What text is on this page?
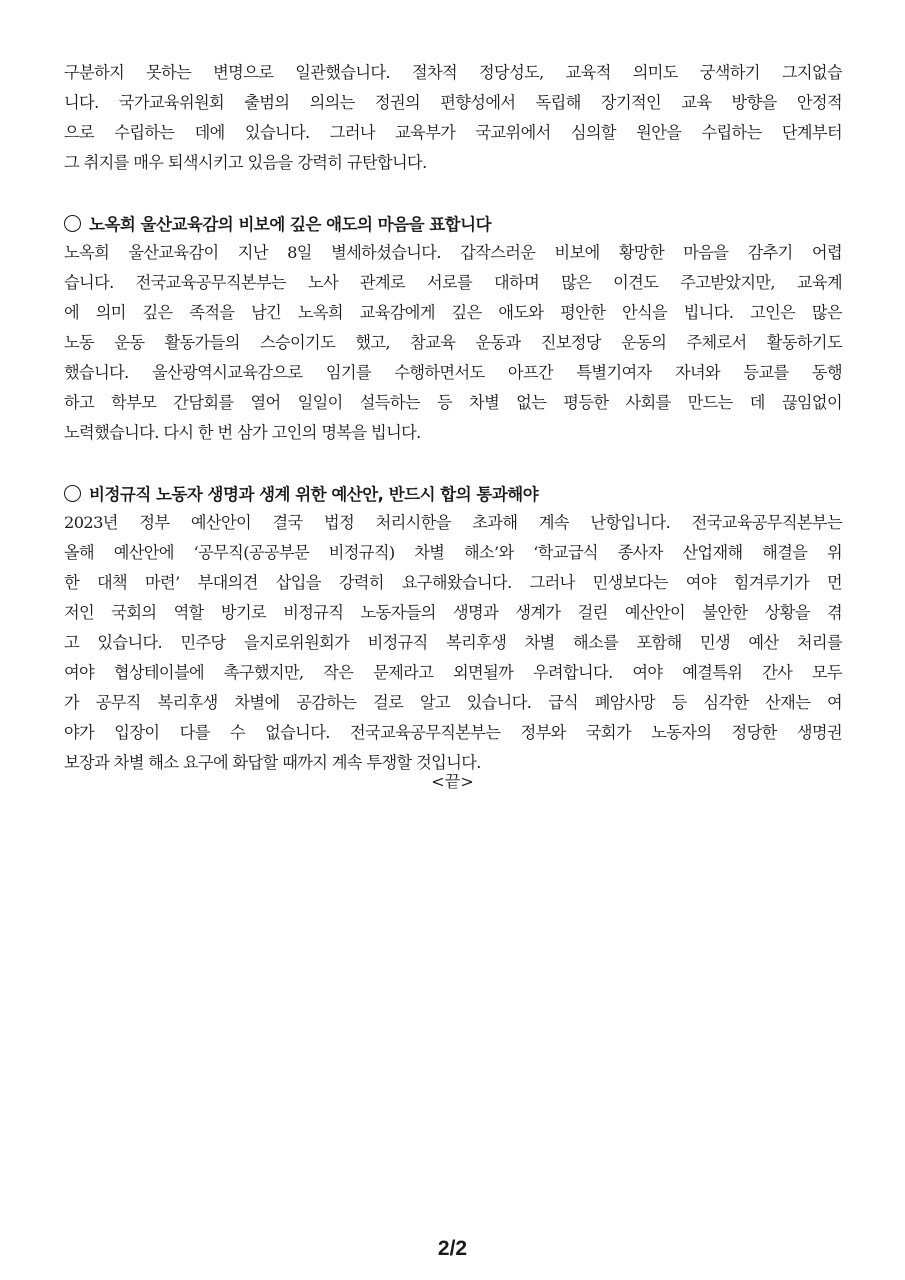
구분하지 못하는 변명으로 일관했습니다. 절차적 정당성도, 교육적 의미도 궁색하기 그지없습
니다. 국가교육위원회 출범의 의의는 정권의 편향성에서 독립해 장기적인 교육 방향을 안정적
으로 수립하는 데에 있습니다. 그러나 교육부가 국교위에서 심의할 원안을 수립하는 단계부터
그 취지를 매우 퇴색시키고 있음을 강력히 규탄합니다.
노옥희 울산교육감의 비보에 깊은 애도의 마음을 표합니다
노옥희 울산교육감이 지난 8일 별세하셨습니다. 갑작스러운 비보에 황망한 마음을 감추기 어렵
습니다. 전국교육공무직본부는 노사 관계로 서로를 대하며 많은 이견도 주고받았지만, 교육계
에 의미 깊은 족적을 남긴 노옥희 교육감에게 깊은 애도와 평안한 안식을 빕니다. 고인은 많은
노동 운동 활동가들의 스승이기도 했고, 참교육 운동과 진보정당 운동의 주체로서 활동하기도
했습니다. 울산광역시교육감으로 임기를 수행하면서도 아프간 특별기여자 자녀와 등교를 동행
하고 학부모 간담회를 열어 일일이 설득하는 등 차별 없는 평등한 사회를 만드는 데 끊임없이
노력했습니다. 다시 한 번 삼가 고인의 명복을 빕니다.
비정규직 노동자 생명과 생계 위한 예산안, 반드시 합의 통과해야
2023년 정부 예산안이 결국 법정 처리시한을 초과해 계속 난항입니다. 전국교육공무직본부는
올해 예산안에 ‘공무직(공공부문 비정규직) 차별 해소’와 ‘학교급식 종사자 산업재해 해결을 위
한 대책 마련’ 부대의견 삽입을 강력히 요구해왔습니다. 그러나 민생보다는 여야 힘겨루기가 먼
저인 국회의 역할 방기로 비정규직 노동자들의 생명과 생계가 걸린 예산안이 불안한 상황을 겪
고 있습니다. 민주당 을지로위원회가 비정규직 복리후생 차별 해소를 포함해 민생 예산 처리를
여야 협상테이블에 촉구했지만, 작은 문제라고 외면될까 우려합니다. 여야 예결특위 간사 모두
가 공무직 복리후생 차별에 공감하는 걸로 알고 있습니다. 급식 폐암사망 등 심각한 산재는 여
야가 입장이 다를 수 없습니다. 전국교육공무직본부는 정부와 국회가 노동자의 정당한 생명권
보장과 차별 해소 요구에 화답할 때까지 계속 투쟁할 것입니다.
<끝>
2/2
